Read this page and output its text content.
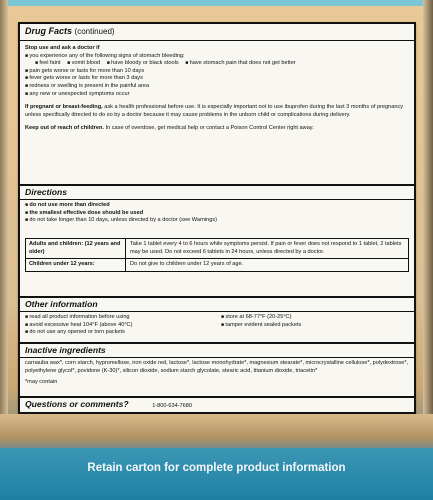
Drug Facts (continued)
Stop use and ask a doctor if
■ you experience any of the following signs of stomach bleeding:
■ feel faint ■ vomit blood ■ have bloody or black stools ■ have stomach pain that does not get better
■ pain gets worse or lasts for more than 10 days
■ fever gets worse or lasts for more than 3 days
■ redness or swelling is present in the painful area
■ any new or unexpected symptoms occur
If pregnant or breast-feeding, ask a health professional before use. It is especially important not to use ibuprofen during the last 3 months of pregnancy unless specifically directed to do so by a doctor because it may cause problems in the unborn child or complications during delivery.
Keep out of reach of children. In case of overdose, get medical help or contact a Poison Control Center right away.
Directions
■ do not use more than directed
■ the smallest effective dose should be used
■ do not take longer than 10 days, unless directed by a doctor (see Warnings)
Adults and children: (12 years and older)
Take 1 tablet every 4 to 6 hours while symptoms persist. If pain or fever does not respond to 1 tablet, 2 tablets may be used. Do not exceed 6 tablets in 24 hours, unless directed by a doctor.
Children under 12 years:	Do not give to children under 12 years of age.
Other information
■ read all product information before using
■ avoid excessive heat 104°F (above 40°C)
■ do not use any opened or torn packets
■ store at 68-77°F (20-25°C)
■ tamper evident sealed packets
Inactive ingredients
carnauba wax*, corn starch, hypromellose, iron oxide red, lactose*, lactose monohydrate*, magnesium stearate*, microcrystalline cellulose*, polydextrose*, polyethylene glycol*, povidone (K-30)*, silicon dioxide, sodium starch glycolate, stearic acid, titanium dioxide, triacetin*
*may contain
Questions or comments?	1-800-634-7680
Retain carton for complete product information
